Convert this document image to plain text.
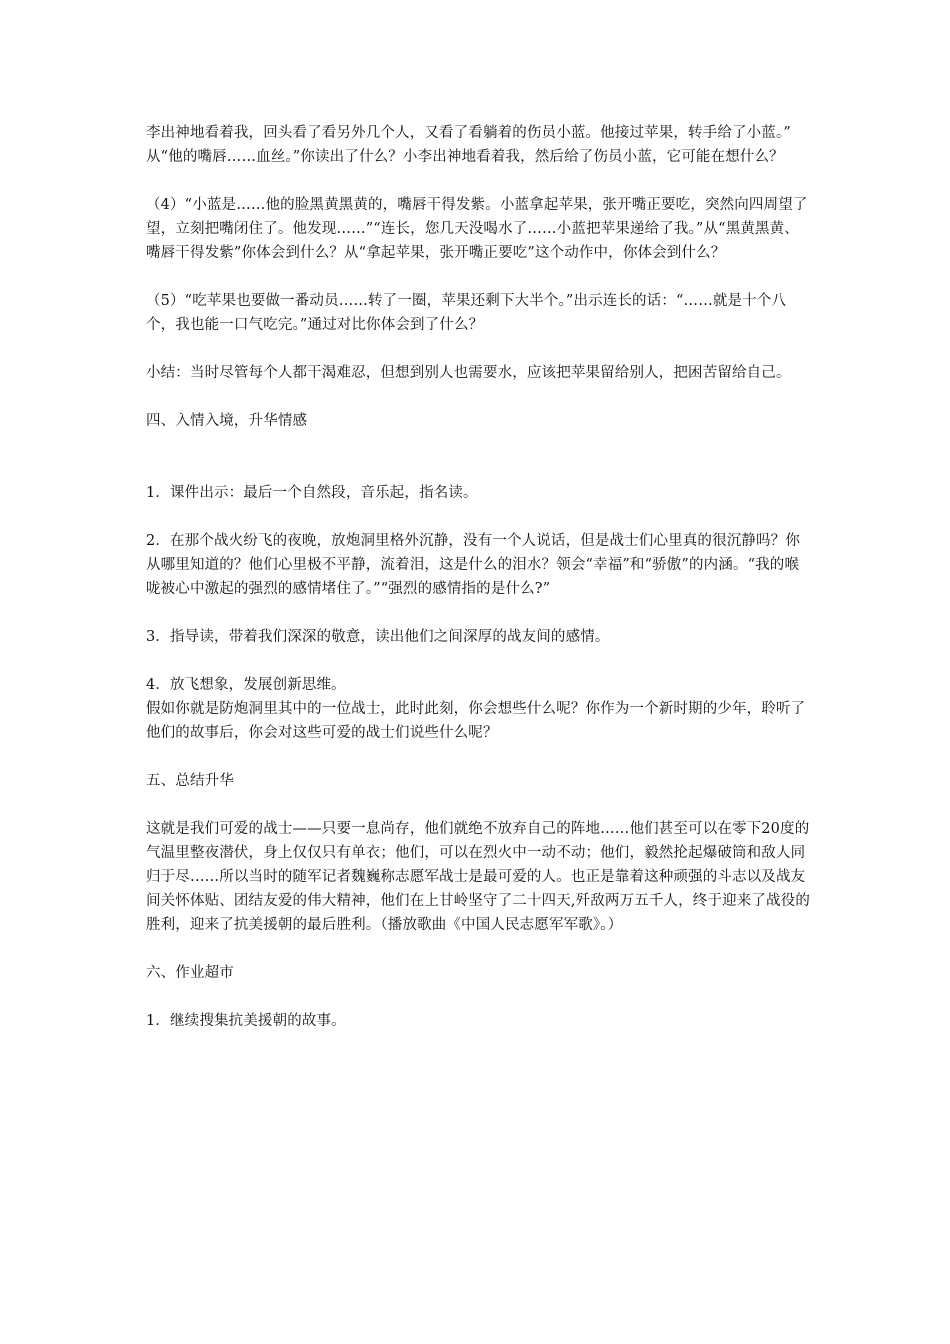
李出神地看着我，回头看了看另外几个人，又看了看躺着的伤员小蓝。他接过苹果，转手给了小蓝。”

从“他的嘴唇……血丝。”你读出了什么？小李出神地看着我，然后给了伤员小蓝，它可能在想什么？

（4）“小蓝是……他的脸黑黄黑黄的，嘴唇干得发紫。小蓝拿起苹果，张开嘴正要吃，突然向四周望了望，立刻把嘴闭住了。他发现……”“连长，您几天没喝水了……小蓝把苹果递给了我。”从“黑黄黑黄、嘴唇干得发紫”你体会到什么？从“拿起苹果，张开嘴正要吃”这个动作中，你体会到什么？

（5）“吃苹果也要做一番动员……转了一圈，苹果还剩下大半个。”出示连长的话：“……就是十个八个，我也能一口气吃完。”通过对比你体会到了什么？

小结：当时尽管每个人都干渴难忍，但想到别人也需要水，应该把苹果留给别人，把困苦留给自己。

四、入情入境，升华情感

1．课件出示：最后一个自然段，音乐起，指名读。

2．在那个战火纷飞的夜晚，放炮洞里格外沉静，没有一个人说话，但是战士们心里真的很沉静吗？你从哪里知道的？他们心里极不平静，流着泪，这是什么的泪水？领会“幸福”和“骄傲”的内涵。“我的喉咙被心中激起的强烈的感情堵住了。”“强烈的感情指的是什么?”

3．指导读，带着我们深深的敬意，读出他们之间深厚的战友间的感情。

4．放飞想象，发展创新思维。

假如你就是防炮洞里其中的一位战士，此时此刻，你会想些什么呢？你作为一个新时期的少年，聆听了他们的故事后，你会对这些可爱的战士们说些什么呢？

五、总结升华

这就是我们可爱的战士——只要一息尚存，他们就绝不放弃自己的阵地……他们甚至可以在零下20度的气温里整夜潜伏，身上仅仅只有单衣；他们，可以在烈火中一动不动；他们，毅然抡起爆破筒和敌人同归于尽……所以当时的随军记者魏巍称志愿军战士是最可爱的人。也正是靠着这种顽强的斗志以及战友间关怀体贴、团结友爱的伟大精神，他们在上甘岭坚守了二十四天,歼敌两万五千人，终于迎来了战役的胜利，迎来了抗美援朝的最后胜利。（播放歌曲《中国人民志愿军军歌》。）

六、作业超市

1．继续搜集抗美援朝的故事。
